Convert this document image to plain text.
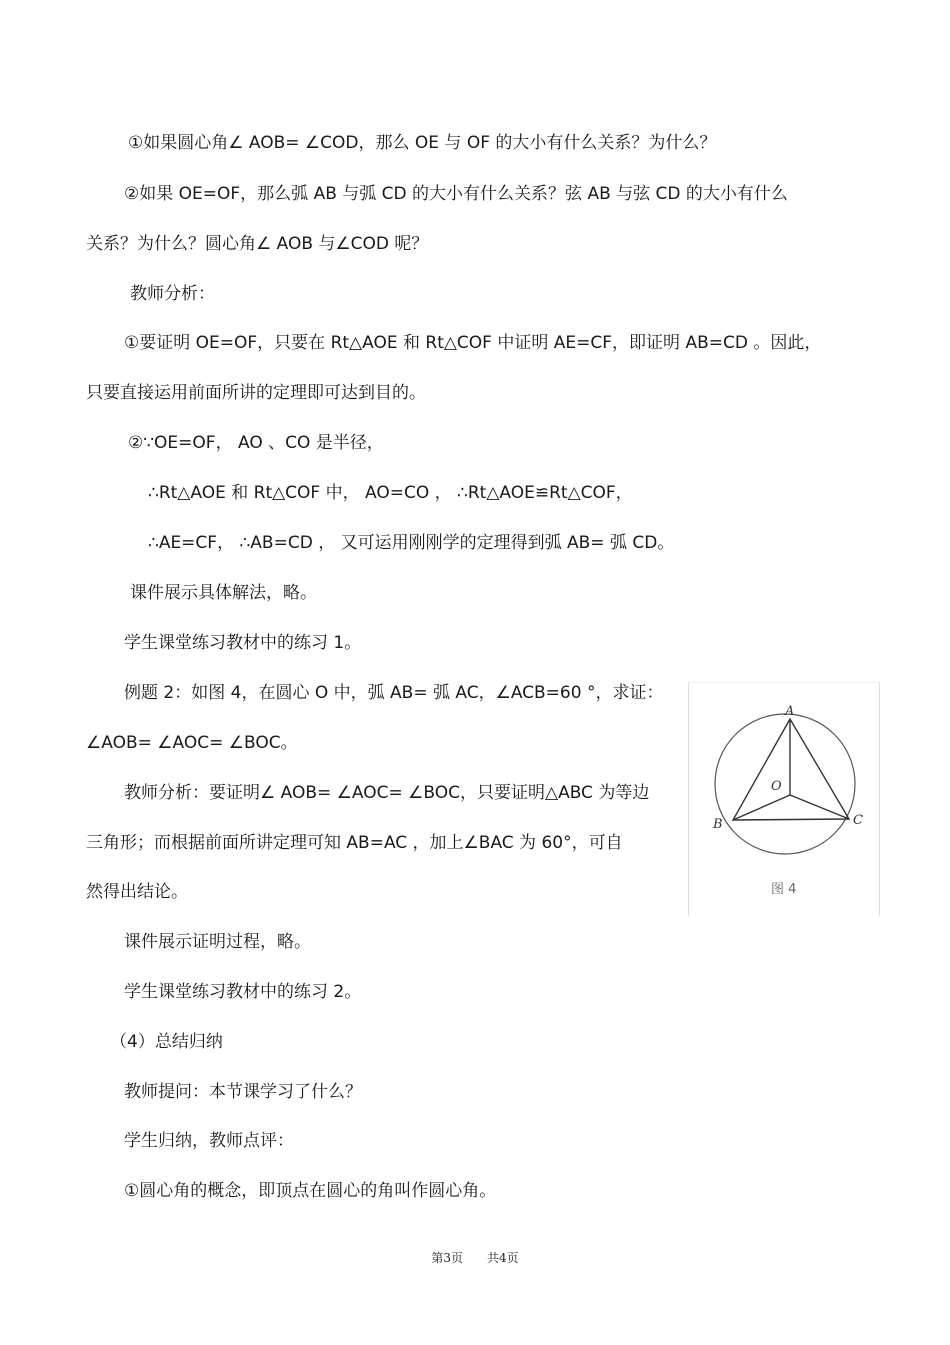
①如果圆心角∠ AOB= ∠COD，那么 OE 与 OF 的大小有什么关系？为什么？
②如果 OE=OF，那么弧 AB 与弧 CD 的大小有什么关系？弦 AB 与弦 CD 的大小有什么
关系？为什么？圆心角∠ AOB 与∠COD 呢？
教师分析：
①要证明 OE=OF，只要在 Rt△AOE 和 Rt△COF 中证明 AE=CF，即证明 AB=CD 。因此，
只要直接运用前面所讲的定理即可达到目的。
②∵OE=OF， AO 、CO 是半径，
∴Rt△AOE 和 Rt△COF 中， AO=CO ， ∴Rt△AOE≌Rt△COF，
∴AE=CF， ∴AB=CD ， 又可运用刚刚学的定理得到弧 AB= 弧 CD。
课件展示具体解法，略。
学生课堂练习教材中的练习 1。
例题 2：如图 4，在圆心 O 中，弧 AB= 弧 AC，∠ACB=60 °，求证：
∠AOB= ∠AOC= ∠BOC。
教师分析：要证明∠ AOB= ∠AOC= ∠BOC，只要证明△ABC 为等边
三角形；而根据前面所讲定理可知 AB=AC ，加上∠BAC 为 60°，可自
然得出结论。
课件展示证明过程，略。
学生课堂练习教材中的练习 2。
（4）总结归纳
教师提问：本节课学习了什么？
学生归纳，教师点评：
①圆心角的概念，即顶点在圆心的角叫作圆心角。
A
B	C
O
图 4
第3页 共4页
